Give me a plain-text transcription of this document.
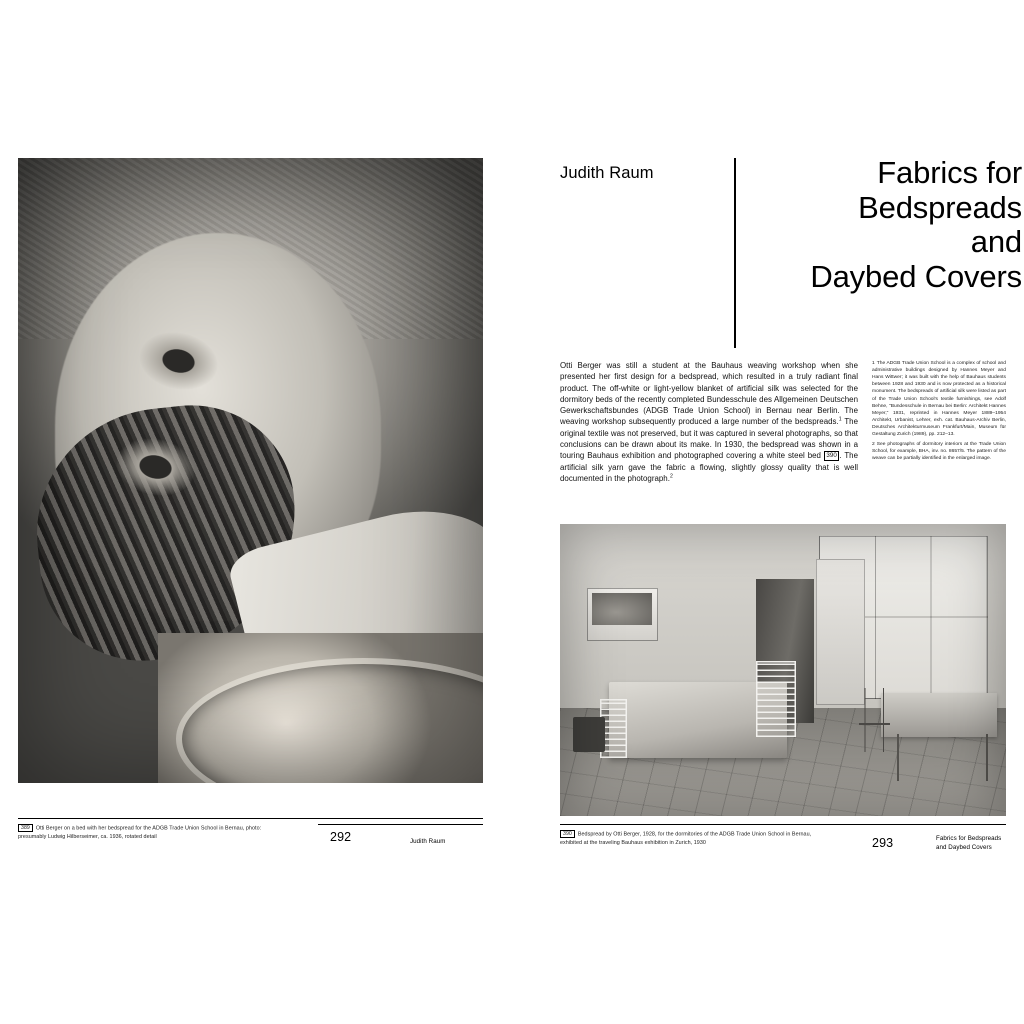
389 Otti Berger on a bed with her bedspread for the ADGB Trade Union School in Bernau, photo: presumably Ludwig Hilberseimer, ca. 1936, rotated detail	292	Judith Raum
Judith Raum	Fabrics for
Bedspreads
and
Daybed Covers
Otti Berger was still a student at the Bauhaus weaving workshop when she presented her first design for a bedspread, which resulted in a truly radiant final product. The off-white or light-yellow blanket of artificial silk was selected for the dormitory beds of the recently completed Bundesschule des Allgemeinen Deutschen Gewerkschaftsbundes (ADGB Trade Union School) in Bernau near Berlin. The weaving workshop subsequently produced a large number of the bedspreads.$^1$ The original textile was not preserved, but it was captured in several photographs, so that conclusions can be drawn about its make. In 1930, the bedspread was shown in a touring Bauhaus exhibition and photographed covering a white steel bed 390 . The artificial silk yarn gave the fabric a flowing, slightly glossy quality that is well documented in the photograph.$^2$
1 The ADGB Trade Union School is a complex of school and administrative buildings designed by Hannes Meyer and Hans Wittwer; it was built with the help of Bauhaus students between 1928 and 1930 and is now protected as a historical monument. The bedspreads of artificial silk were listed as part of the Trade Union School's textile furnishings, see Adolf Behne, "Bundesschule in Bernau bei Berlin: Architekt Hannes Meyer," 1931, reprinted in Hannes Meyer 1889–1954 Architekt, Urbanist, Lehrer, exh. cat. Bauhaus-Archiv Berlin, Deutsches Architekturmuseum Frankfurt/Main, Museum für Gestaltung Zurich (1989), pp. 212–13.
2 See photographs of dormitory interiors at the Trade Union School, for example, BHA, inv. no. 8657/5. The pattern of the weave can be partially identified in the enlarged image.
390 Bedspread by Otti Berger, 1928, for the dormitories of the ADGB Trade Union School in Bernau, exhibited at the traveling Bauhaus exhibition in Zurich, 1930	293	Fabrics for Bedspreads and Daybed Covers
